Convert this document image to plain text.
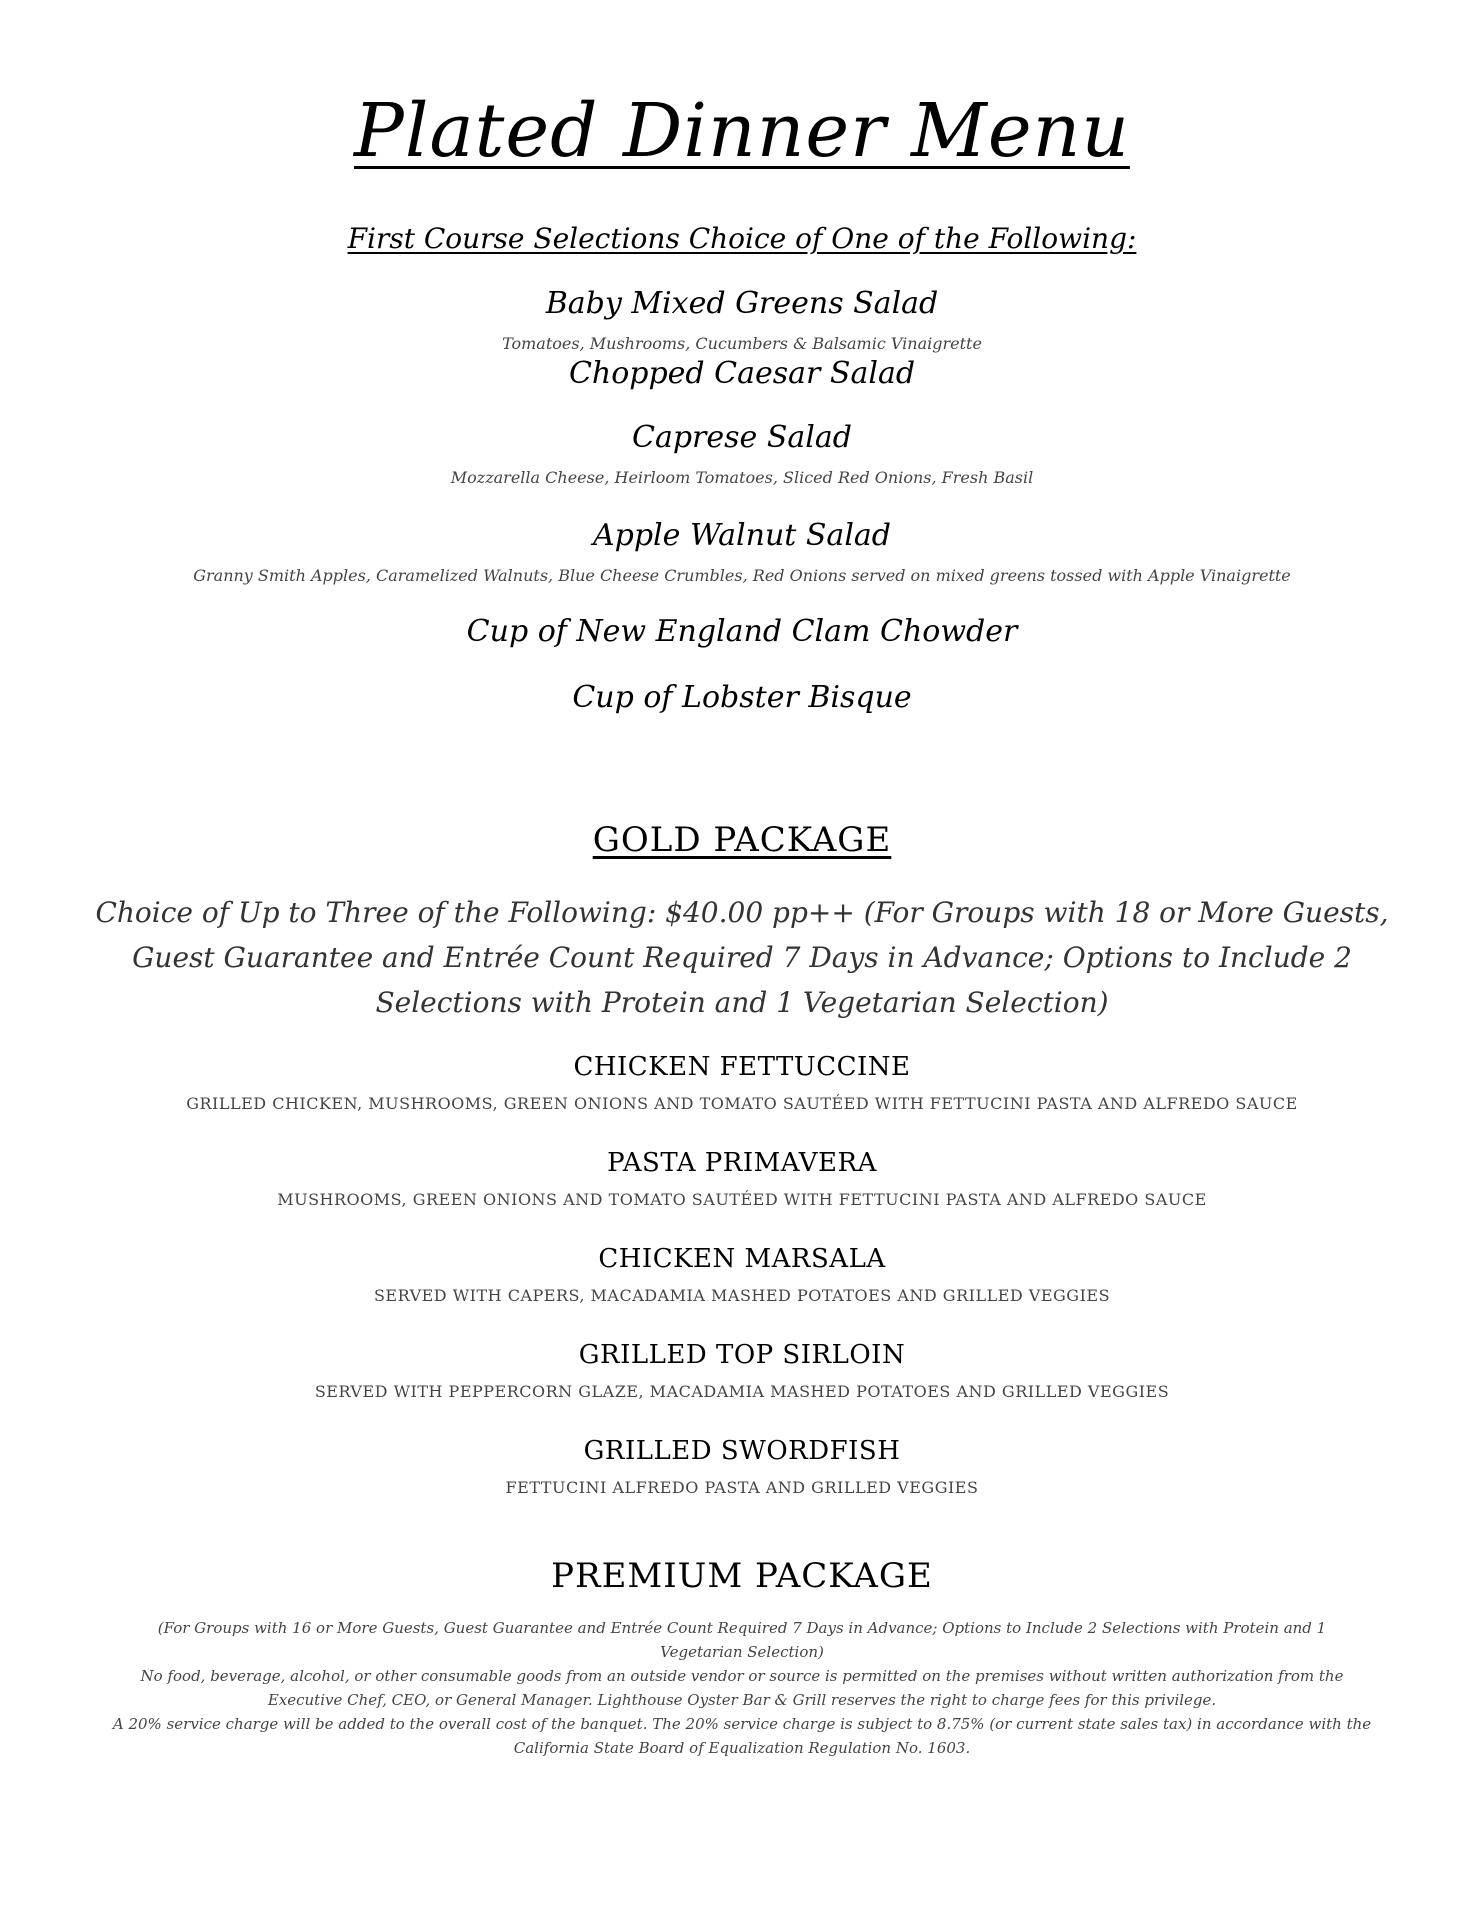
Plated Dinner Menu
First Course Selections Choice of One of the Following:
Baby Mixed Greens Salad
Tomatoes, Mushrooms, Cucumbers & Balsamic Vinaigrette
Chopped Caesar Salad
Caprese Salad
Mozzarella Cheese, Heirloom Tomatoes, Sliced Red Onions, Fresh Basil
Apple Walnut Salad
Granny Smith Apples, Caramelized Walnuts, Blue Cheese Crumbles, Red Onions served on mixed greens tossed with Apple Vinaigrette
Cup of New England Clam Chowder
Cup of Lobster Bisque
GOLD PACKAGE
Choice of Up to Three of the Following: $40.00 pp++ (For Groups with 18 or More Guests,
Guest Guarantee and Entrée Count Required 7 Days in Advance; Options to Include 2
Selections with Protein and 1 Vegetarian Selection)
CHICKEN FETTUCCINE
GRILLED CHICKEN, MUSHROOMS, GREEN ONIONS AND TOMATO SAUTÉED WITH FETTUCINI PASTA AND ALFREDO SAUCE
PASTA PRIMAVERA
MUSHROOMS, GREEN ONIONS AND TOMATO SAUTÉED WITH FETTUCINI PASTA AND ALFREDO SAUCE
CHICKEN MARSALA
SERVED WITH CAPERS, MACADAMIA MASHED POTATOES AND GRILLED VEGGIES
GRILLED TOP SIRLOIN
SERVED WITH PEPPERCORN GLAZE, MACADAMIA MASHED POTATOES AND GRILLED VEGGIES
GRILLED SWORDFISH
FETTUCINI ALFREDO PASTA AND GRILLED VEGGIES
PREMIUM PACKAGE
(For Groups with 16 or More Guests, Guest Guarantee and Entrée Count Required 7 Days in Advance; Options to Include 2 Selections with Protein and 1
Vegetarian Selection)
No food, beverage, alcohol, or other consumable goods from an outside vendor or source is permitted on the premises without written authorization from the
Executive Chef, CEO, or General Manager. Lighthouse Oyster Bar & Grill reserves the right to charge fees for this privilege.
A 20% service charge will be added to the overall cost of the banquet. The 20% service charge is subject to 8.75% (or current state sales tax) in accordance with the
California State Board of Equalization Regulation No. 1603.
